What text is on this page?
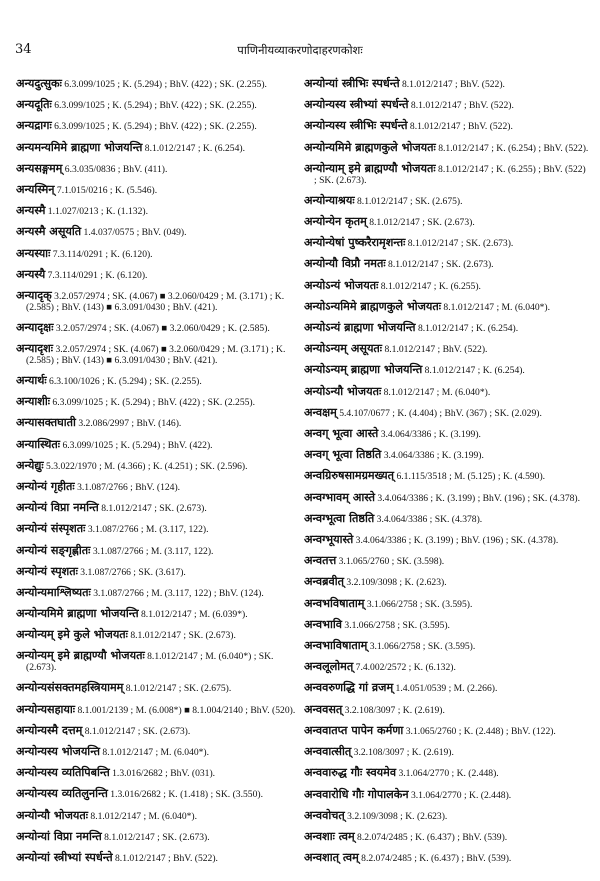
34	पाणिनीयव्याकरणोदाहरणकोशः
अन्यदुत्सुकः 6.3.099/1025 ; K. (5.294) ; BhV. (422) ; SK. (2.255).
अन्यदूतिः 6.3.099/1025 ; K. (5.294) ; BhV. (422) ; SK. (2.255).
अन्यद्रागः 6.3.099/1025 ; K. (5.294) ; BhV. (422) ; SK. (2.255).
अन्यमन्यमिमे ब्राह्मणा भोजयन्ति 8.1.012/2147 ; K. (6.254).
अन्यसङ्गमम् 6.3.035/0836 ; BhV. (411).
अन्यस्मिन् 7.1.015/0216 ; K. (5.546).
अन्यस्मै 1.1.027/0213 ; K. (1.132).
अन्यस्मै असूयति 1.4.037/0575 ; BhV. (049).
अन्यस्याः 7.3.114/0291 ; K. (6.120).
अन्यस्यै 7.3.114/0291 ; K. (6.120).
अन्यादृक् 3.2.057/2974 ; SK. (4.067) ■ 3.2.060/0429 ; M. (3.171) ; K. (2.585) ; BhV. (143) ■ 6.3.091/0430 ; BhV. (421).
अन्यादृक्षः 3.2.057/2974 ; SK. (4.067) ■ 3.2.060/0429 ; K. (2.585).
अन्यादृशः 3.2.057/2974 ; SK. (4.067) ■ 3.2.060/0429 ; M. (3.171) ; K. (2.585) ; BhV. (143) ■ 6.3.091/0430 ; BhV. (421).
अन्यार्थः 6.3.100/1026 ; K. (5.294) ; SK. (2.255).
अन्याशीः 6.3.099/1025 ; K. (5.294) ; BhV. (422) ; SK. (2.255).
अन्यासक्तघाती 3.2.086/2997 ; BhV. (146).
अन्यास्थितः 6.3.099/1025 ; K. (5.294) ; BhV. (422).
अन्येद्युः 5.3.022/1970 ; M. (4.366) ; K. (4.251) ; SK. (2.596).
अन्योन्यं गृहीतः 3.1.087/2766 ; BhV. (124).
अन्योन्यं विप्रा नमन्ति 8.1.012/2147 ; SK. (2.673).
अन्योन्यं संस्पृशतः 3.1.087/2766 ; M. (3.117, 122).
अन्योन्यं सङ्गृह्णीतः 3.1.087/2766 ; M. (3.117, 122).
अन्योन्यं स्पृशतः 3.1.087/2766 ; SK. (3.617).
अन्योन्यमाश्लिष्यतः 3.1.087/2766 ; M. (3.117, 122) ; BhV. (124).
अन्योन्यमिमे ब्राह्मणा भोजयन्ति 8.1.012/2147 ; M. (6.039*).
अन्योन्यम् इमे कुले भोजयतः 8.1.012/2147 ; SK. (2.673).
अन्योन्यम् इमे ब्राह्मण्यौ भोजयतः 8.1.012/2147 ; M. (6.040*) ; SK. (2.673).
अन्योन्यसंसक्तमहस्त्रियामम् 8.1.012/2147 ; SK. (2.675).
अन्योन्यसहायाः 8.1.001/2139 ; M. (6.008*) ■ 8.1.004/2140 ; BhV. (520).
अन्योन्यस्मै दत्तम् 8.1.012/2147 ; SK. (2.673).
अन्योन्यस्य भोजयन्ति 8.1.012/2147 ; M. (6.040*).
अन्योन्यस्य व्यतिपिबन्ति 1.3.016/2682 ; BhV. (031).
अन्योन्यस्य व्यतिलुनन्ति 1.3.016/2682 ; K. (1.418) ; SK. (3.550).
अन्योन्यौ भोजयतः 8.1.012/2147 ; M. (6.040*).
अन्योन्यां विप्रा नमन्ति 8.1.012/2147 ; SK. (2.673).
अन्योन्यां स्त्रीभ्यां स्पर्धन्ते 8.1.012/2147 ; BhV. (522).
अन्योन्यां स्त्रीभिः स्पर्धन्ते 8.1.012/2147 ; BhV. (522).
अन्योन्यस्य स्त्रीभ्यां स्पर्धन्ते 8.1.012/2147 ; BhV. (522).
अन्योन्यस्य स्त्रीभिः स्पर्धन्ते 8.1.012/2147 ; BhV. (522).
अन्योन्यमिमे ब्राह्मणकुले भोजयतः 8.1.012/2147 ; K. (6.254) ; BhV. (522).
अन्योन्याम् इमे ब्राह्मण्यौ भोजयतः 8.1.012/2147 ; K. (6.255) ; BhV. (522) ; SK. (2.673).
अन्योन्याश्रयः 8.1.012/2147 ; SK. (2.675).
अन्योन्येन कृतम् 8.1.012/2147 ; SK. (2.673).
अन्योन्येषां पुष्करैरामृशन्तः 8.1.012/2147 ; SK. (2.673).
अन्योन्यौ विप्रौ नमतः 8.1.012/2147 ; SK. (2.673).
अन्योऽन्यं भोजयतः 8.1.012/2147 ; K. (6.255).
अन्योऽन्यमिमे ब्राह्मणकुले भोजयतः 8.1.012/2147 ; M. (6.040*).
अन्योऽन्यं ब्राह्मणा भोजयन्ति 8.1.012/2147 ; K. (6.254).
अन्योऽन्यम् असूयतः 8.1.012/2147 ; BhV. (522).
अन्योऽन्यम् ब्राह्मणा भोजयन्ति 8.1.012/2147 ; K. (6.254).
अन्योऽन्यौ भोजयतः 8.1.012/2147 ; M. (6.040*).
अन्वक्षम् 5.4.107/0677 ; K. (4.404) ; BhV. (367) ; SK. (2.029).
अन्वग् भूत्वा आस्ते 3.4.064/3386 ; K. (3.199).
अन्वग् भूत्वा तिष्ठति 3.4.064/3386 ; K. (3.199).
अन्वग्रिरुषसामग्रमख्यत् 6.1.115/3518 ; M. (5.125) ; K. (4.590).
अन्वग्भावम् आस्ते 3.4.064/3386 ; K. (3.199) ; BhV. (196) ; SK. (4.378).
अन्वग्भूत्वा तिष्ठति 3.4.064/3386 ; SK. (4.378).
अन्वग्भूयास्ते 3.4.064/3386 ; K. (3.199) ; BhV. (196) ; SK. (4.378).
अन्वतत्त 3.1.065/2760 ; SK. (3.598).
अन्वब्रवीत् 3.2.109/3098 ; K. (2.623).
अन्वभविषाताम् 3.1.066/2758 ; SK. (3.595).
अन्वभावि 3.1.066/2758 ; SK. (3.595).
अन्वभाविषाताम् 3.1.066/2758 ; SK. (3.595).
अन्वलूलोमत् 7.4.002/2572 ; K. (6.132).
अन्ववरुणद्धि गां व्रजम् 1.4.051/0539 ; M. (2.266).
अन्ववसत् 3.2.108/3097 ; K. (2.619).
अन्ववातप्त पापेन कर्मणा 3.1.065/2760 ; K. (2.448) ; BhV. (122).
अन्ववात्सीत् 3.2.108/3097 ; K. (2.619).
अन्ववारुद्ध गौः स्वयमेव 3.1.064/2770 ; K. (2.448).
अन्ववारोधि गौः गोपालकेन 3.1.064/2770 ; K. (2.448).
अन्ववोचत् 3.2.109/3098 ; K. (2.623).
अन्वशाः त्वम् 8.2.074/2485 ; K. (6.437) ; BhV. (539).
अन्वशात् त्वम् 8.2.074/2485 ; K. (6.437) ; BhV. (539).
